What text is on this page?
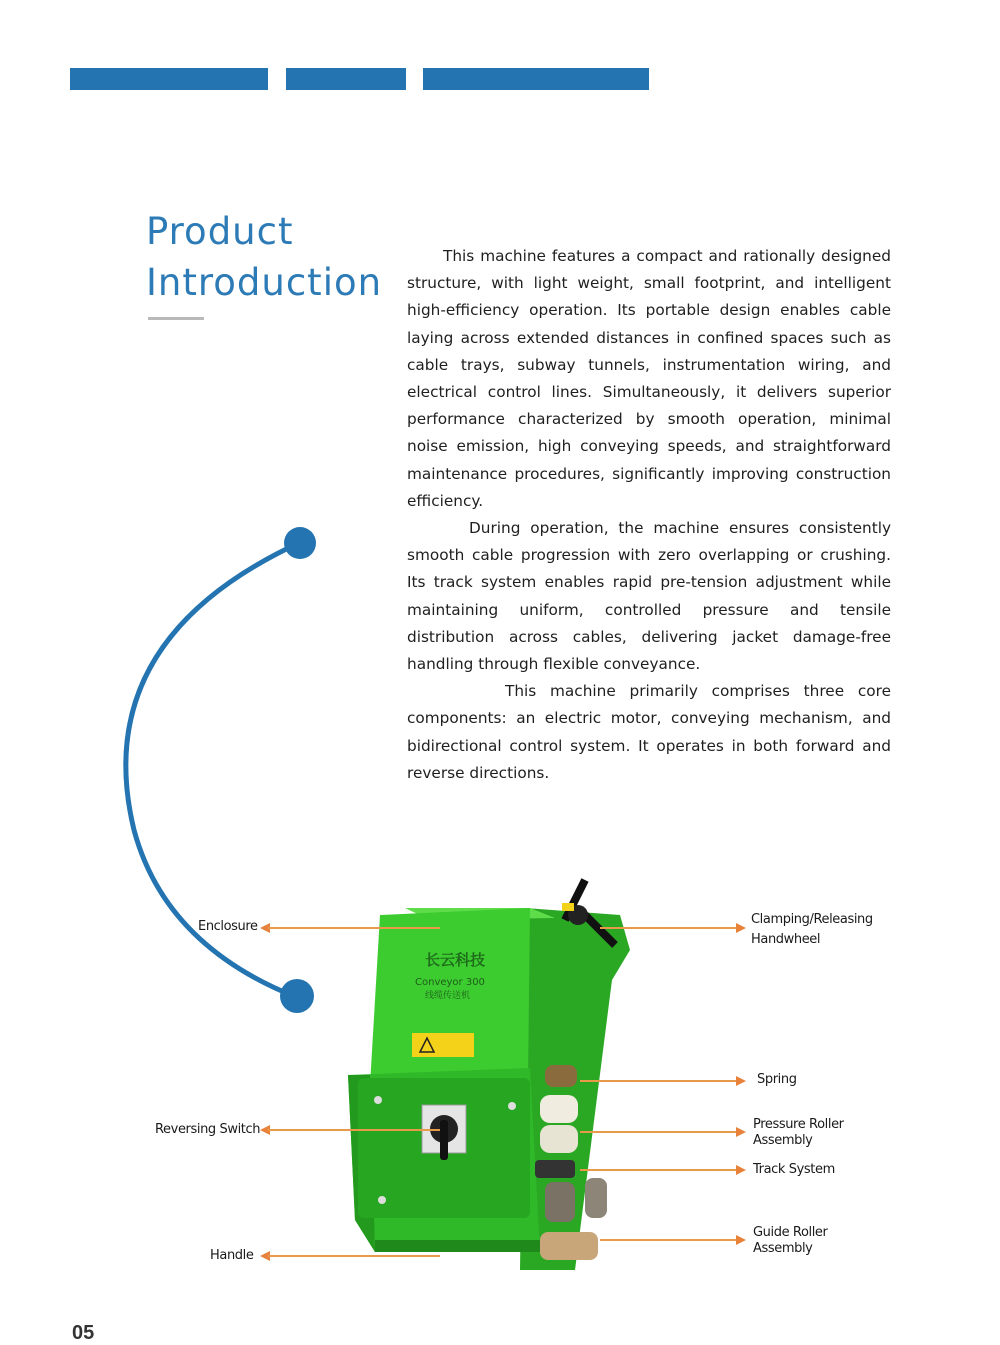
Product
Introduction

This machine features a compact and rationally designed structure, with light weight, small footprint, and intelligent high-efficiency operation. Its portable design enables cable laying across extended distances in confined spaces such as cable trays, subway tunnels, instrumentation wiring, and electrical control lines. Simultaneously, it delivers superior performance characterized by smooth operation, minimal noise emission, high conveying speeds, and straightforward maintenance procedures, significantly improving construction efficiency.

During operation, the machine ensures consistently smooth cable progression with zero overlapping or crushing. Its track system enables rapid pre-tension adjustment while maintaining uniform, controlled pressure and tensile distribution across cables, delivering jacket damage-free handling through flexible conveyance.

This machine primarily comprises three core components: an electric motor, conveying mechanism, and bidirectional control system. It operates in both forward and reverse directions.

长云科技
Conveyor 300
线缆传送机
Enclosure
Reversing Switch
Handle
Clamping/Releasing
Handwheel
Spring
Pressure Roller
Assembly
Track System
Guide Roller
Assembly
05
